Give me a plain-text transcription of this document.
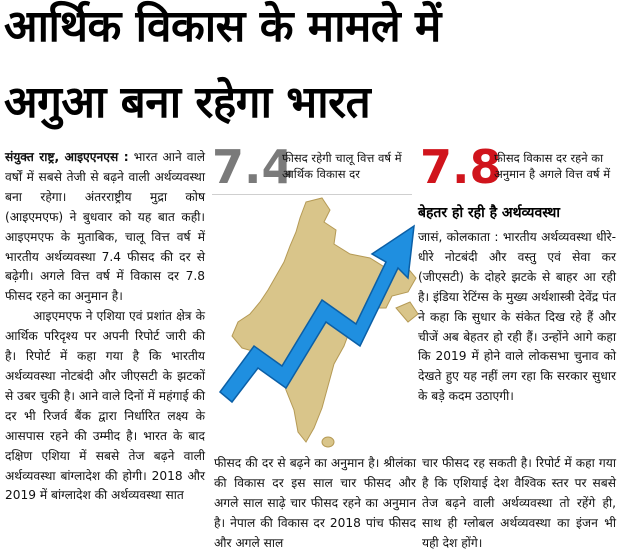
आर्थिक विकास के मामले में
अगुआ बना रहेगा भारत

संयुक्त राष्ट्र, आइएएनएस : भारत आने वाले वर्षों में सबसे तेजी से बढ़ने वाली अर्थव्यवस्था बना रहेगा। अंतरराष्ट्रीय मुद्रा कोष (आइएमएफ) ने बुधवार को यह बात कही। आइएमएफ के मुताबिक, चालू वित्त वर्ष में भारतीय अर्थव्यवस्था 7.4 फीसद की दर से बढ़ेगी। अगले वित्त वर्ष में विकास दर 7.8 फीसद रहने का अनुमान है।

आइएमएफ ने एशिया एवं प्रशांत क्षेत्र के आर्थिक परिदृश्य पर अपनी रिपोर्ट जारी की है। रिपोर्ट में कहा गया है कि भारतीय अर्थव्यवस्था नोटबंदी और जीएसटी के झटकों से उबर चुकी है। आने वाले दिनों में महंगाई की दर भी रिजर्व बैंक द्वारा निर्धारित लक्ष्य के आसपास रहने की उम्मीद है। भारत के बाद दक्षिण एशिया में सबसे तेज बढ़ने वाली अर्थव्यवस्था बांग्लादेश की होगी। 2018 और 2019 में बांग्लादेश की अर्थव्यवस्था सात

7.4
फीसद रहेगी चालू वित्त वर्ष में आर्थिक विकास दर	7.8
फीसद विकास दर रहने का अनुमान है अगले वित्त वर्ष में
बेहतर हो रही है अर्थव्यवस्था
जासं, कोलकाता : भारतीय अर्थव्यवस्था धीरे-धीरे नोटबंदी और वस्तु एवं सेवा कर (जीएसटी) के दोहरे झटके से बाहर आ रही है। इंडिया रेटिंग्स के मुख्य अर्थशास्त्री देवेंद्र पंत ने कहा कि सुधार के संकेत दिख रहे हैं और चीजें अब बेहतर हो रही हैं। उन्होंने आगे कहा कि 2019 में होने वाले लोकसभा चुनाव को देखते हुए यह नहीं लग रहा कि सरकार सुधार के बड़े कदम उठाएगी।

फीसद की दर से बढ़ने का अनुमान है। श्रीलंका की विकास दर इस साल चार फीसद और अगले साल साढ़े चार फीसद रहने का अनुमान है। नेपाल की विकास दर 2018 पांच फीसद और अगले साल

चार फीसद रह सकती है। रिपोर्ट में कहा गया है कि एशियाई देश वैश्विक स्तर पर सबसे तेज बढ़ने वाली अर्थव्यवस्था तो रहेंगे ही, साथ ही ग्लोबल अर्थव्यवस्था का इंजन भी यही देश होंगे।
